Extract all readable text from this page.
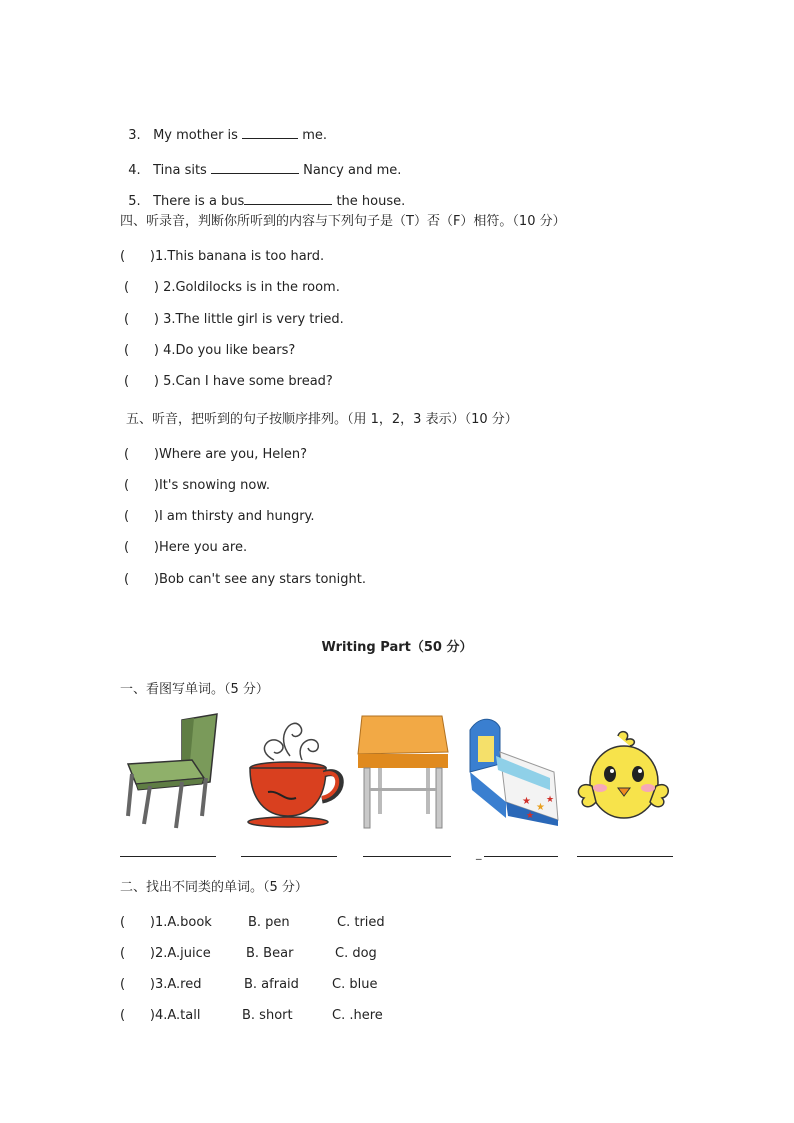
3. My mother is	me.

4. Tina sits	Nancy and me.

5. There is a bus	the house.

四、听录音，判断你所听到的内容与下列句子是（T）否（F）相符。（10 分）
(      )1.This banana is too hard.
(      ) 2.Goldilocks is in the room.
(      ) 3.The little girl is very tried.
(      ) 4.Do you like bears?
(      ) 5.Can I have some bread?
五、听音，把听到的句子按顺序排列。（用 1，2，3 表示）（10 分）
(      )Where are you, Helen?
(      )It's snowing now.
(      )I am thirsty and hungry.
(      )Here you are.
(      )Bob can't see any stars tonight.
Writing Part（50 分）
一、看图写单词。（5 分）
★
★
★
★
_
二、找出不同类的单词。（5 分）
(      )1.A.book	B. pen	C. tried
(      )2.A.juice	B. Bear	C. dog
(      )3.A.red	B. afraid	C. blue
(      )4.A.tall	B. short	C. .here
